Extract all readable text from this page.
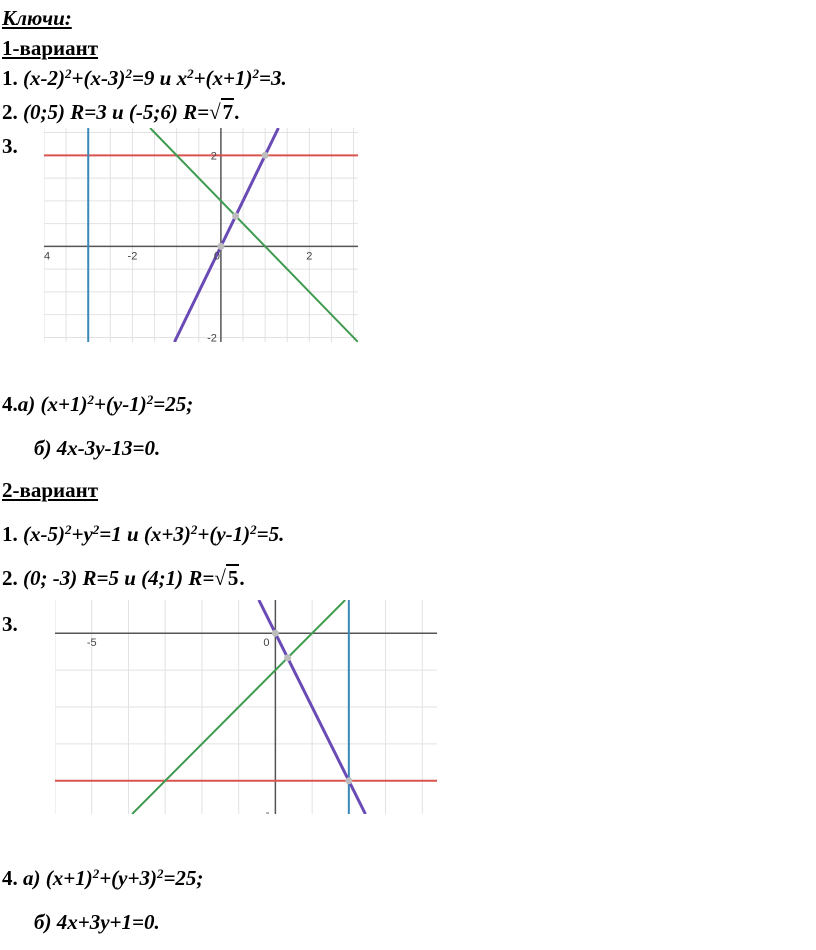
Ключи:
1-вариант
1. $(x-2)^2+(x-3)^2=9$ и $x^2+(x+1)^2=3$.
2. (0;5) R=3 и (-5;6) R=√7.
3.
4	-2	0	2
2
-2
4.а) $(x+1)^2+(y-1)^2=25$;
б) 4x-3y-13=0.
2-вариант
1. $(x-5)^2+y^2=1$ и $(x+3)^2+(y-1)^2=5$.
2. (0; -3) R=5 и (4;1) R=√5.
3.
-5	0
-
4. а) $(x+1)^2+(y+3)^2=25$;
б) 4x+3y+1=0.
